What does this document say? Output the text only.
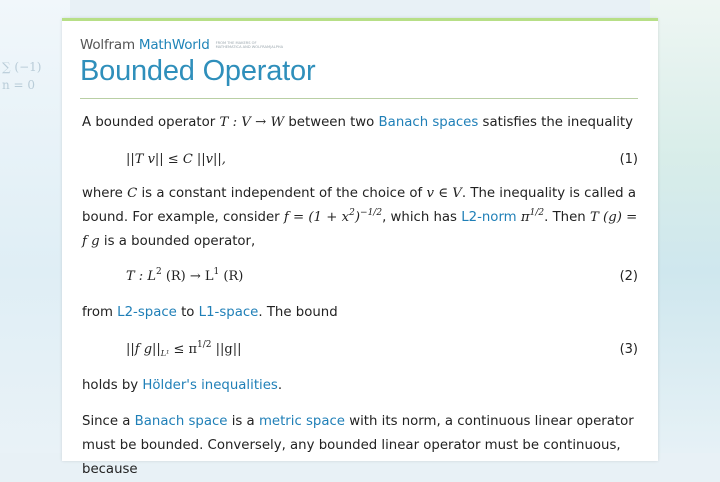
∑ (−1)
n = 0
Wolfram MathWorld FROM THE MAKERS OF MATHEMATICA AND WOLFRAM|ALPHA
Bounded Operator

A bounded operator T : V → W between two Banach spaces satisfies the inequality

||T v|| ≤ C ||v||,	(1)

where C is a constant independent of the choice of v ∈ V. The inequality is called a bound. For example, consider $f = (1 + x^2)^{-1/2}$, which has L2-norm $\pi^{1/2}$. Then T (g) = f g is a bounded operator,

T : $L^2$ $(R) \to L^1$ (R)	(2)

from L2-space to L1-space. The bound

||f $g||_{L^1} \le \pi^{1/2}$ ||g||	(3)

holds by Hölder's inequalities.

Since a Banach space is a metric space with its norm, a continuous linear operator must be bounded. Conversely, any bounded linear operator must be continuous, because
